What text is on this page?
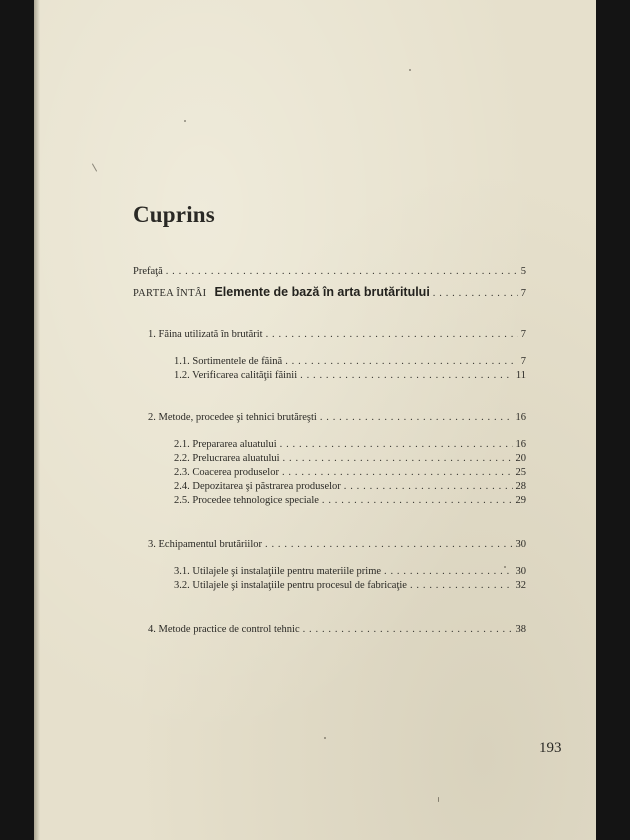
Cuprins
Prefaţă . . .	5
PARTEA ÎNTÂI Elemente de bază în arta brutăritului . . .	7
1. Făina utilizată în brutărit . . .	7
1.1. Sortimentele de făină . . .	7
1.2. Verificarea calităţii făinii . . .	11
2. Metode, procedee şi tehnici brutăreşti . . .	16
2.1. Prepararea aluatului . . .	16
2.2. Prelucrarea aluatului . . .	20
2.3. Coacerea produselor . . .	25
2.4. Depozitarea şi păstrarea produselor . . .	28
2.5. Procedee tehnologice speciale . . .	29
3. Echipamentul brutăriilor . . .	30
3.1. Utilajele şi instalaţiile pentru materiile prime . . .	30
3.2. Utilajele şi instalaţiile pentru procesul de fabricaţie . . .	32
4. Metode practice de control tehnic . . .	38
193
